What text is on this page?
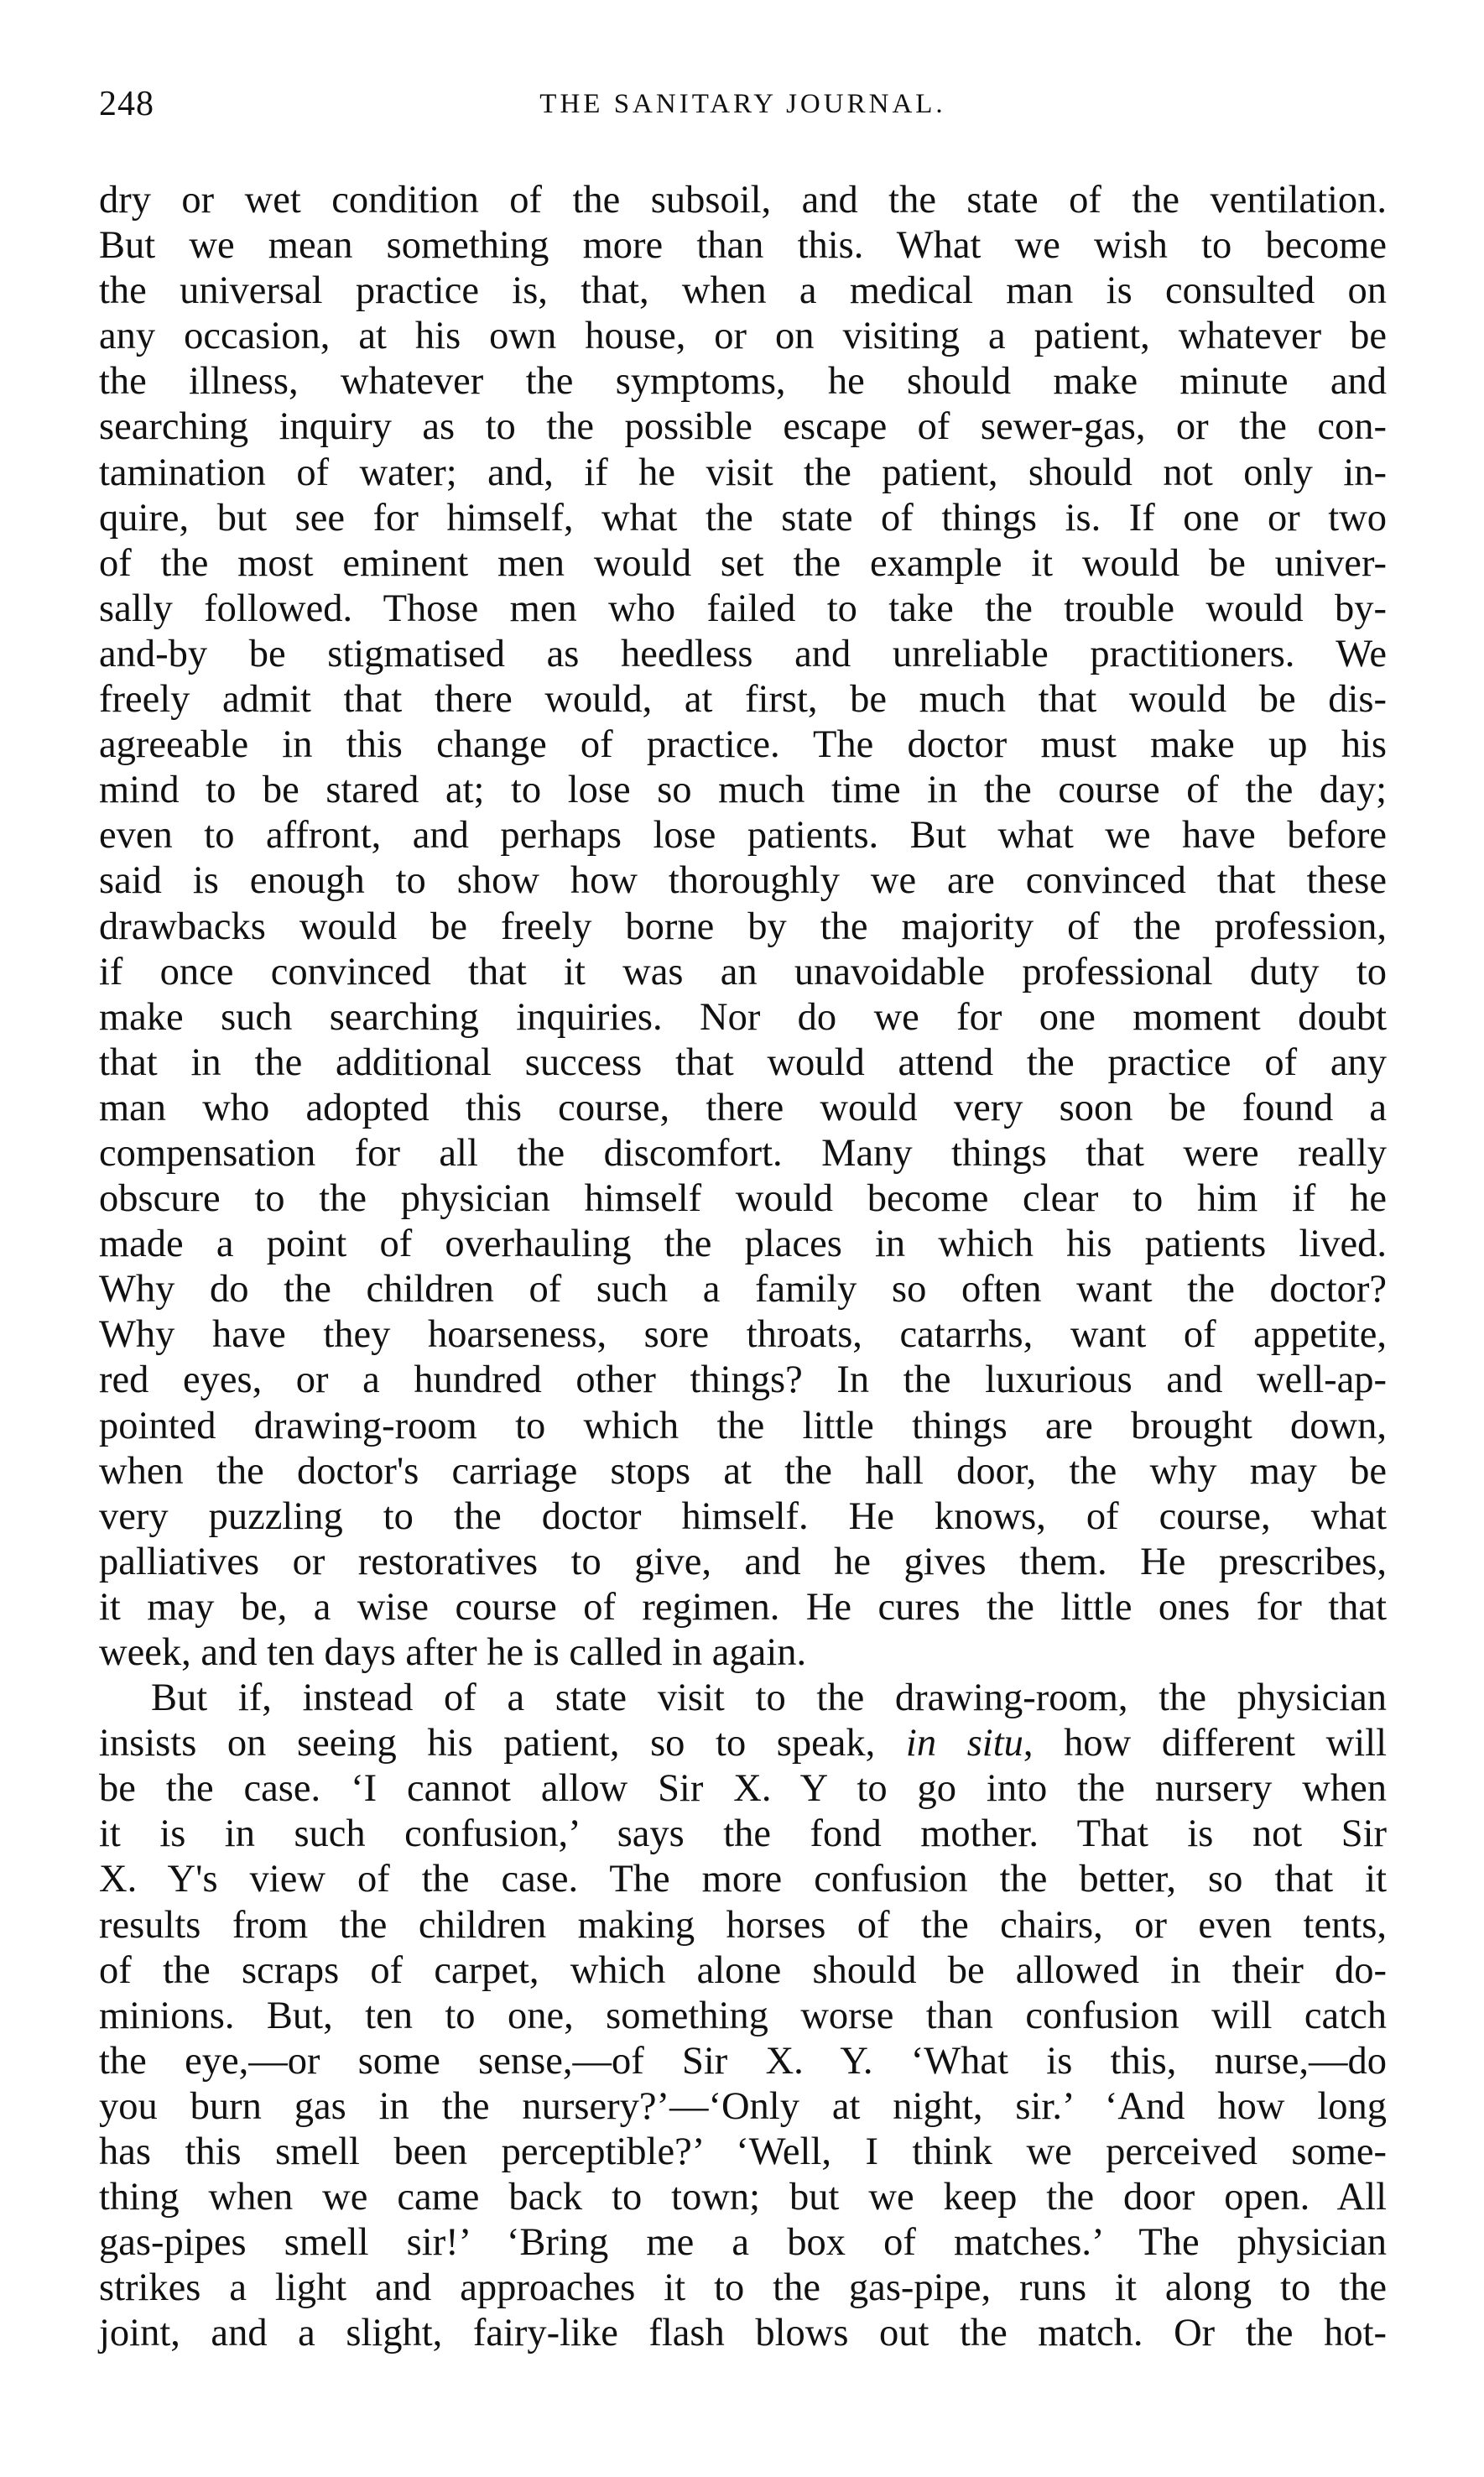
248	THE SANITARY JOURNAL.
dry or wet condition of the subsoil, and the state of the ventilation.
But we mean something more than this. What we wish to become
the universal practice is, that, when a medical man is consulted on
any occasion, at his own house, or on visiting a patient, whatever be
the illness, whatever the symptoms, he should make minute and
searching inquiry as to the possible escape of sewer-gas, or the con-
tamination of water; and, if he visit the patient, should not only in-
quire, but see for himself, what the state of things is. If one or two
of the most eminent men would set the example it would be univer-
sally followed. Those men who failed to take the trouble would by-
and-by be stigmatised as heedless and unreliable practitioners. We
freely admit that there would, at first, be much that would be dis-
agreeable in this change of practice. The doctor must make up his
mind to be stared at; to lose so much time in the course of the day;
even to affront, and perhaps lose patients. But what we have before
said is enough to show how thoroughly we are convinced that these
drawbacks would be freely borne by the majority of the profession,
if once convinced that it was an unavoidable professional duty to
make such searching inquiries. Nor do we for one moment doubt
that in the additional success that would attend the practice of any
man who adopted this course, there would very soon be found a
compensation for all the discomfort. Many things that were really
obscure to the physician himself would become clear to him if he
made a point of overhauling the places in which his patients lived.
Why do the children of such a family so often want the doctor?
Why have they hoarseness, sore throats, catarrhs, want of appetite,
red eyes, or a hundred other things? In the luxurious and well-ap-
pointed drawing-room to which the little things are brought down,
when the doctor's carriage stops at the hall door, the why may be
very puzzling to the doctor himself. He knows, of course, what
palliatives or restoratives to give, and he gives them. He prescribes,
it may be, a wise course of regimen. He cures the little ones for that
week, and ten days after he is called in again.
But if, instead of a state visit to the drawing-room, the physician
insists on seeing his patient, so to speak, in situ, how different will
be the case. ‘I cannot allow Sir X. Y to go into the nursery when
it is in such confusion,’ says the fond mother. That is not Sir
X. Y's view of the case. The more confusion the better, so that it
results from the children making horses of the chairs, or even tents,
of the scraps of carpet, which alone should be allowed in their do-
minions. But, ten to one, something worse than confusion will catch
the eye,—or some sense,—of Sir X. Y. ‘What is this, nurse,—do
you burn gas in the nursery?’—‘Only at night, sir.’ ‘And how long
has this smell been perceptible?’ ‘Well, I think we perceived some-
thing when we came back to town; but we keep the door open. All
gas-pipes smell sir!’ ‘Bring me a box of matches.’ The physician
strikes a light and approaches it to the gas-pipe, runs it along to the
joint, and a slight, fairy-like flash blows out the match. Or the hot-
